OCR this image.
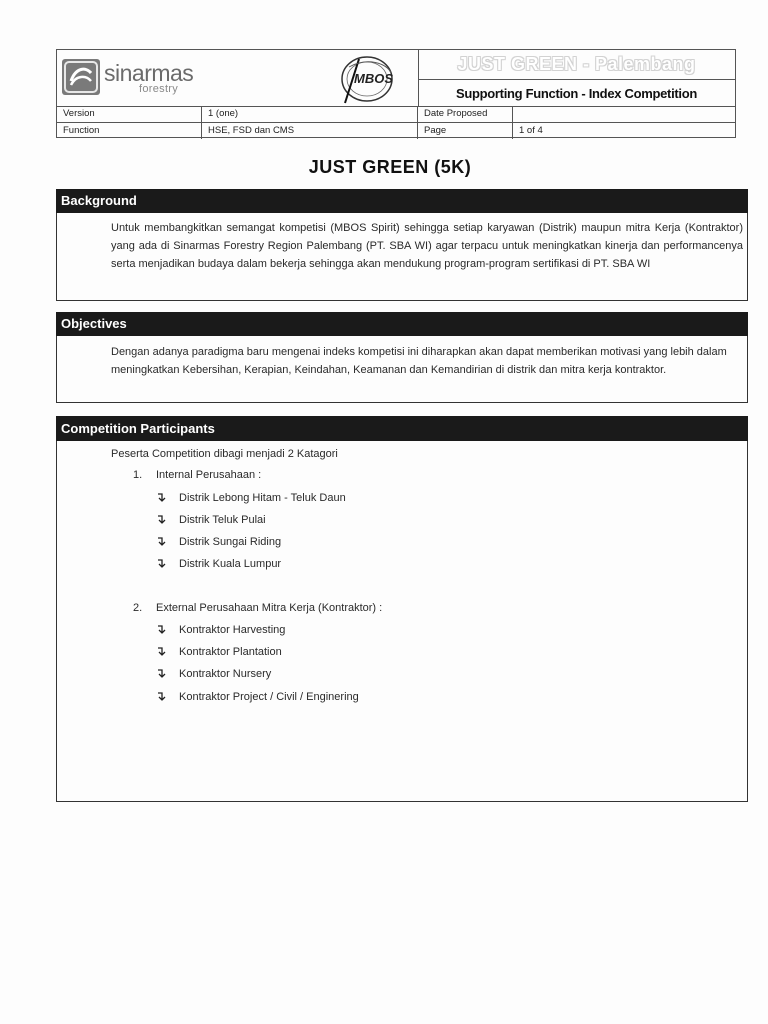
sinarmas
forestry
MBOS
JUST GREEN - Palembang
Supporting Function - Index Competition
Version	1 (one)	Date Proposed
Function	HSE, FSD dan CMS	Page	1 of 4
JUST GREEN (5K)
Background
Untuk membangkitkan semangat kompetisi (MBOS Spirit) sehingga setiap karyawan (Distrik) maupun mitra Kerja (Kontraktor) yang ada di Sinarmas Forestry Region Palembang (PT. SBA WI) agar terpacu untuk meningkatkan kinerja dan performancenya serta menjadikan budaya dalam bekerja sehingga akan mendukung program-program sertifikasi di PT. SBA WI
Objectives
Dengan adanya paradigma baru mengenai indeks kompetisi ini diharapkan akan dapat memberikan motivasi yang lebih dalam meningkatkan Kebersihan, Kerapian, Keindahan, Keamanan dan Kemandirian di distrik dan mitra kerja kontraktor.
Competition Participants
Peserta Competition dibagi menjadi 2 Katagori
1. Internal Perusahaan :
Distrik Lebong Hitam - Teluk Daun
Distrik Teluk Pulai
Distrik Sungai Riding
Distrik Kuala Lumpur
2. External Perusahaan Mitra Kerja (Kontraktor) :
Kontraktor Harvesting
Kontraktor Plantation
Kontraktor Nursery
Kontraktor Project / Civil / Enginering
